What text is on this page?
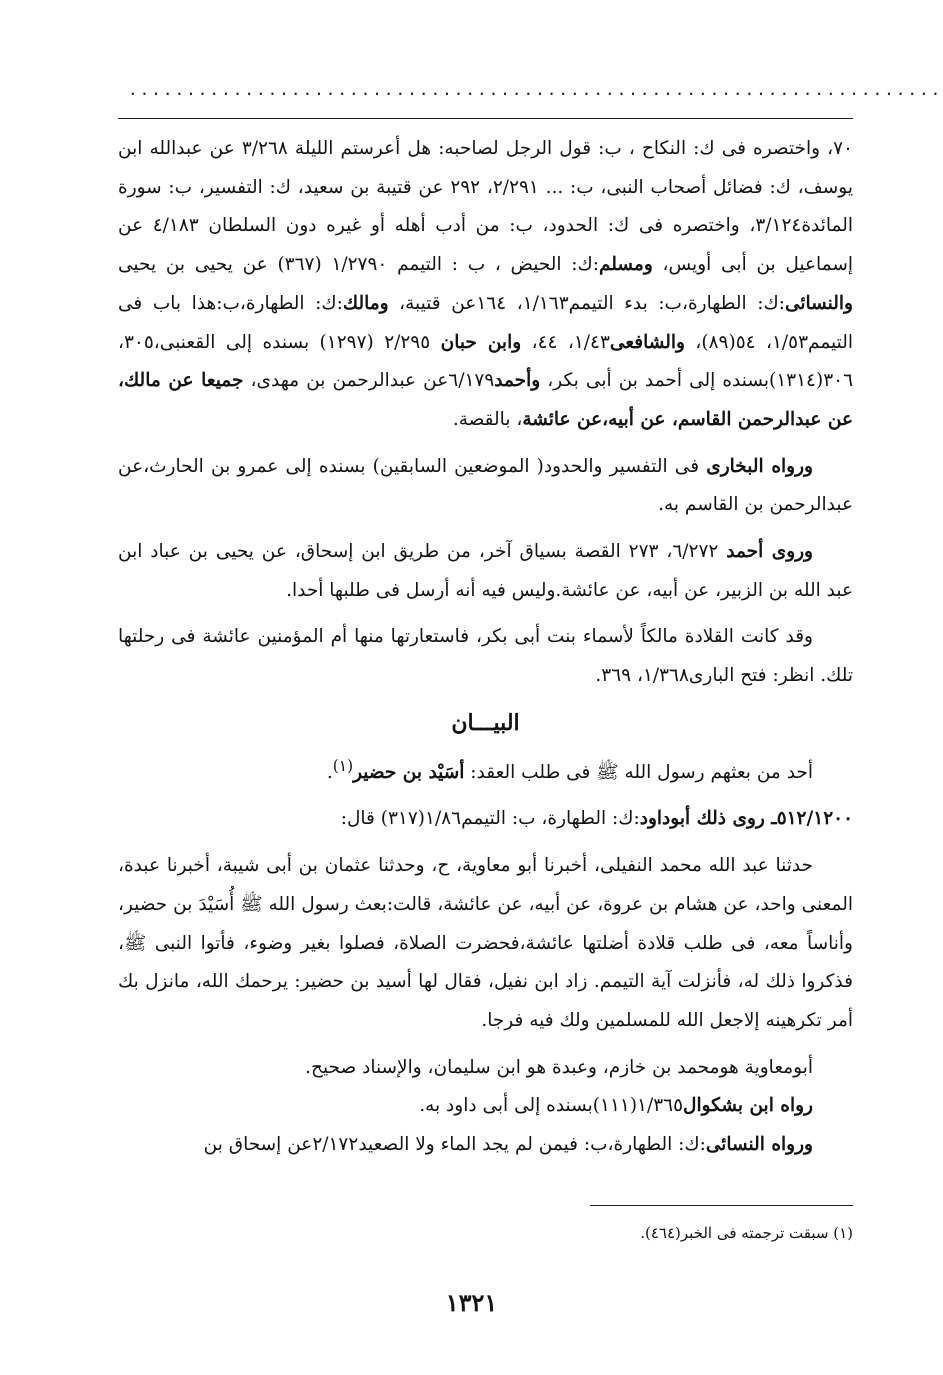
......................................................................

٧٠، واختصره فى ك: النكاح ، ب: قول الرجل لصاحبه: هل أعرستم الليلة ٣/٢٦٨ عن عبدالله ابن يوسف، ك: فضائل أصحاب النبى، ب: ... ٢/٢٩١، ٢٩٢ عن قتيبة بن سعيد، ك: التفسير، ب: سورة المائدة٣/١٢٤، واختصره فى ك: الحدود، ب: من أدب أهله أو غيره دون السلطان ٤/١٨٣ عن إسماعيل بن أبى أويس، ومسلم:ك: الحيض ، ب : التيمم ١/٢٧٩٠ (٣٦٧) عن يحيى بن يحيى والنسائى:ك: الطهارة،ب: بدء التيمم١/١٦٣، ١٦٤عن قتيبة، ومالك:ك: الطهارة،ب:هذا باب فى التيمم١/٥٣، ٥٤(٨٩)، والشافعى١/٤٣، ٤٤، وابن حبان ٢/٢٩٥ (١٢٩٧) بسنده إلى القعنبى،٣٠٥، ٣٠٦(١٣١٤)بسنده إلى أحمد بن أبى بكر، وأحمد٦/١٧٩عن عبدالرحمن بن مهدى، جميعا عن مالك، عن عبدالرحمن القاسم، عن أبيه،عن عائشة، بالقصة.

ورواه البخارى فى التفسير والحدود( الموضعين السابقين) بسنده إلى عمرو بن الحارث،عن عبدالرحمن بن القاسم به.

وروى أحمد ٦/٢٧٢، ٢٧٣ القصة بسياق آخر، من طريق ابن إسحاق، عن يحيى بن عباد ابن عبد الله بن الزبير، عن أبيه، عن عائشة.وليس فيه أنه أرسل فى طلبها أحدا.

وقد كانت القلادة مالكاً لأسماء بنت أبى بكر، فاستعارتها منها أم المؤمنين عائشة فى رحلتها تلك. انظر: فتح البارى١/٣٦٨، ٣٦٩.

البيـــان

أحد من بعثهم رسول الله ﷺ فى طلب العقد: أسَيْد بن حضير$^{(١)}$.

٥١٢/١٢٠٠ـ روى ذلك أبوداود:ك: الطهارة، ب: التيمم١/٨٦(٣١٧) قال:

حدثنا عبد الله محمد النفيلى، أخبرنا أبو معاوية، ح، وحدثنا عثمان بن أبى شيبة، أخبرنا عبدة، المعنى واحد، عن هشام بن عروة، عن أبيه، عن عائشة، قالت:بعث رسول الله ﷺ أُسَيْدَ بن حضير، وأناساً معه، فى طلب قلادة أضلتها عائشة،فحضرت الصلاة، فصلوا بغير وضوء، فأتوا النبى ﷺ، فذكروا ذلك له، فأنزلت آية التيمم. زاد ابن نفيل، فقال لها أسيد بن حضير: يرحمك الله، مانزل بك أمر تكرهينه إلاجعل الله للمسلمين ولك فيه فرجا.

أبومعاوية هومحمد بن خازم، وعبدة هو ابن سليمان، والإسناد صحيح.

رواه ابن بشكوال١/٣٦٥(١١١)بسنده إلى أبى داود به.

ورواه النسائى:ك: الطهارة،ب: فيمن لم يجد الماء ولا الصعيد٢/١٧٢عن إسحاق بن

(١) سبقت ترجمته فى الخبر(٤٦٤).
١٣٢١
